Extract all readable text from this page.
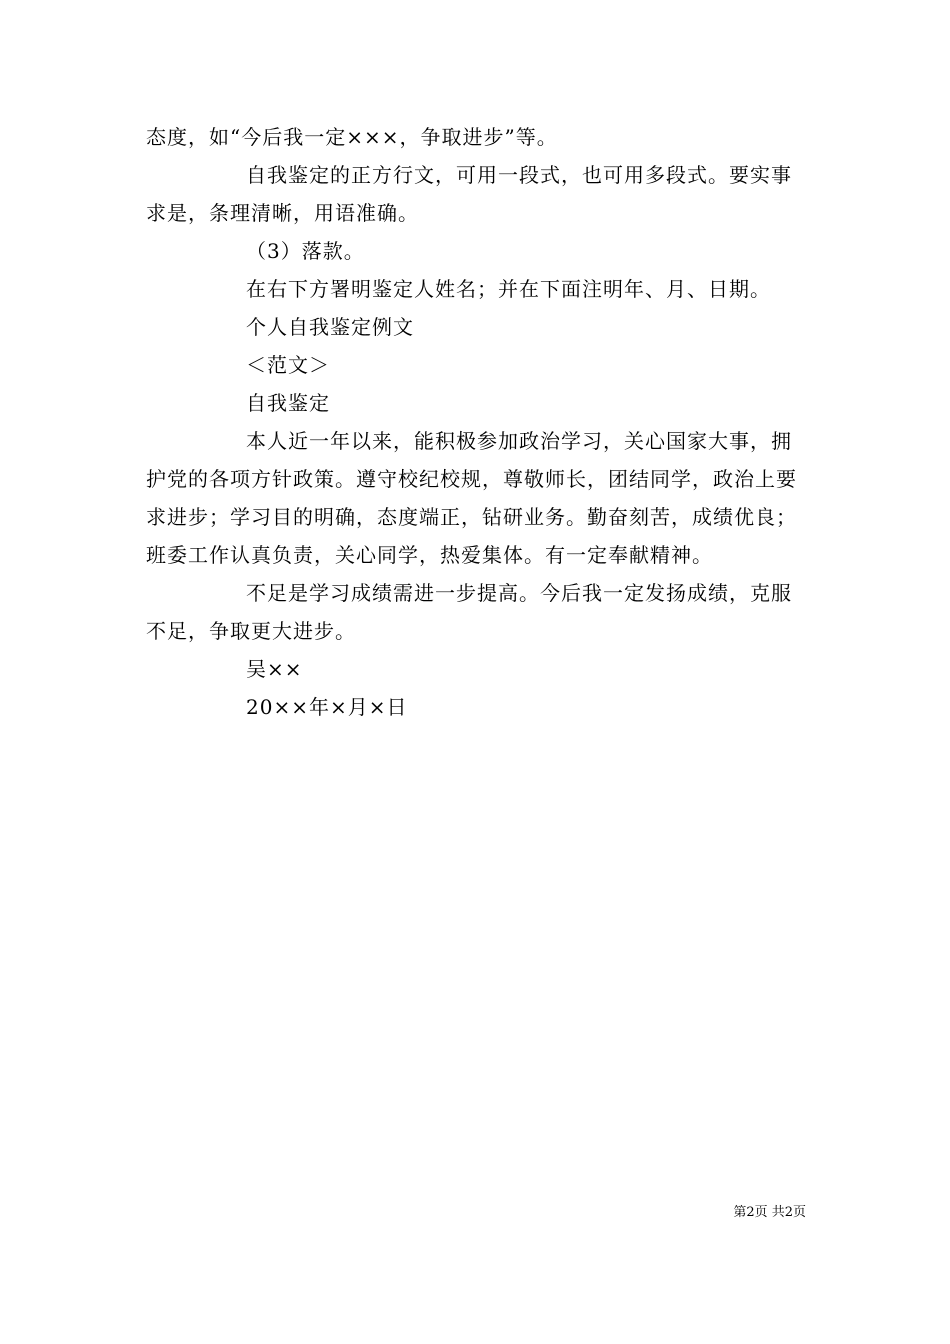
态度，如“今后我一定×××，争取进步”等。

自我鉴定的正方行文，可用一段式，也可用多段式。要实事求是，条理清晰，用语准确。

（3）落款。

在右下方署明鉴定人姓名；并在下面注明年、月、日期。

个人自我鉴定例文

＜范文＞

自我鉴定

本人近一年以来，能积极参加政治学习，关心国家大事，拥护党的各项方针政策。遵守校纪校规，尊敬师长，团结同学，政治上要求进步；学习目的明确，态度端正，钻研业务。勤奋刻苦，成绩优良；班委工作认真负责，关心同学，热爱集体。有一定奉献精神。

不足是学习成绩需进一步提高。今后我一定发扬成绩，克服不足，争取更大进步。

吴××

20××年×月×日

第2页 共2页
